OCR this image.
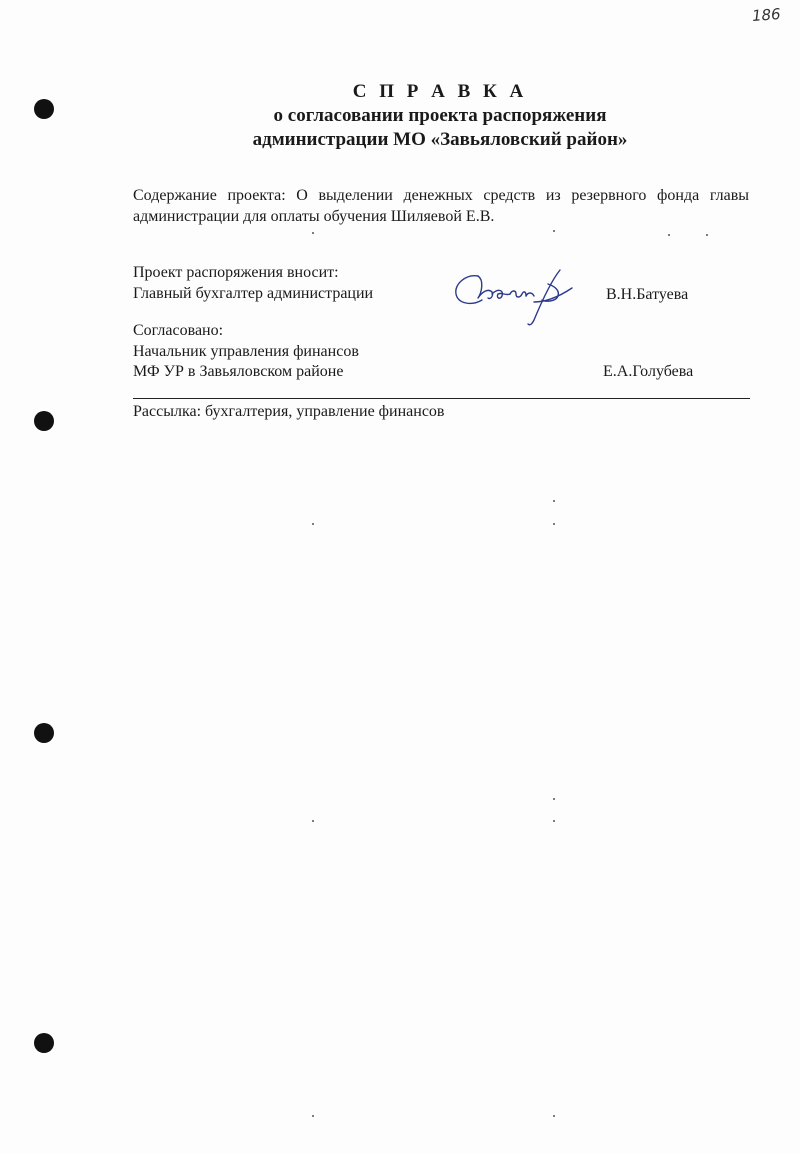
186
С П Р А В К А
о согласовании проекта распоряжения
администрации МО «Завьяловский район»
Содержание проекта: О выделении денежных средств из резервного фонда главы администрации для оплаты обучения Шиляевой Е.В.
Проект распоряжения вносит:
Главный бухгалтер администрации	В.Н.Батуева
Согласовано:
Начальник управления финансов
МФ УР в Завьяловском районе	Е.А.Голубева
Рассылка: бухгалтерия, управление финансов
